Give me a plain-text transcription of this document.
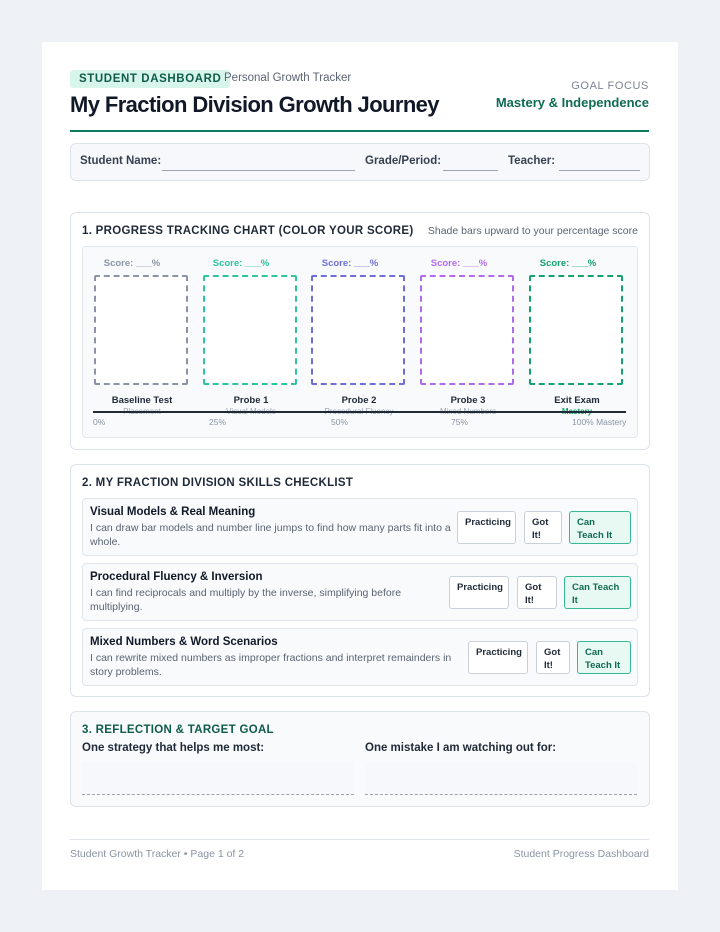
STUDENT DASHBOARD Personal Growth Tracker
My Fraction Division Growth Journey
GOAL FOCUS
Mastery & Independence
Student Name:	Grade/Period:	Teacher:
1. PROGRESS TRACKING CHART (COLOR YOUR SCORE) Shade bars upward to your percentage score
Score: ___%	Score: ___%	Score: ___%	Score: ___%	Score: ___%
Baseline Test	Probe 1	Probe 2	Probe 3	Exit Exam
0%	25%	50%	75%	100% Mastery
2. MY FRACTION DIVISION SKILLS CHECKLIST
Visual Models & Real Meaning
I can draw bar models and number line jumps to find how many parts fit into a whole.
Practicing	Got It!
Can Teach It
Procedural Fluency & Inversion
I can find reciprocals and multiply by the inverse, simplifying before multiplying.
Practicing	Got It!
Can Teach It
Mixed Numbers & Word Scenarios
I can rewrite mixed numbers as improper fractions and interpret remainders in story problems.
Practicing	Got It!
Can Teach It
3. REFLECTION & TARGET GOAL
One strategy that helps me most:	One mistake I am watching out for:
Student Growth Tracker • Page 1 of 2	Student Progress Dashboard
